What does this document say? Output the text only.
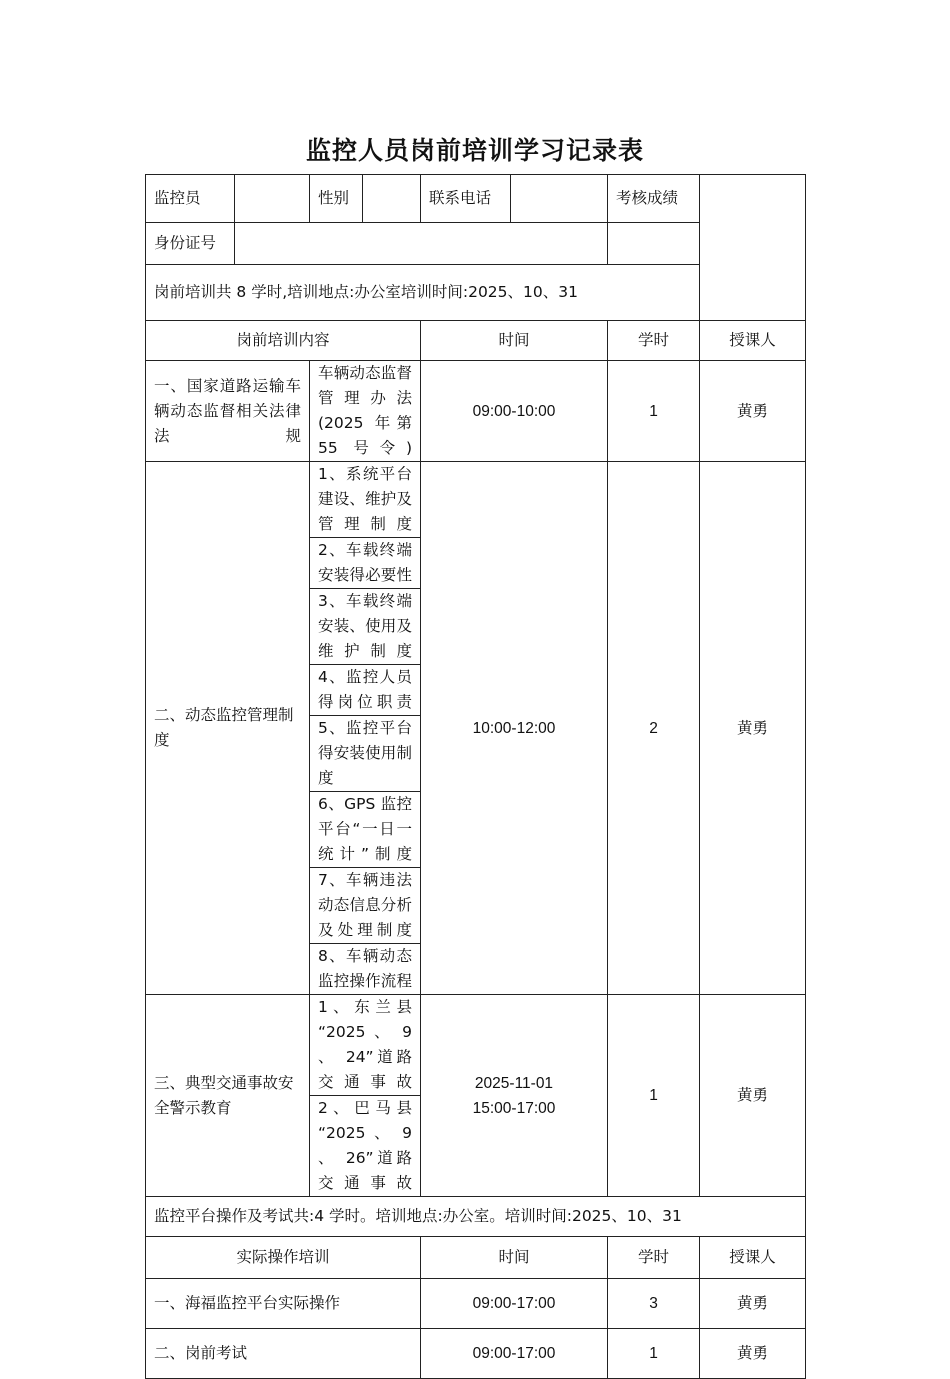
监控人员岗前培训学习记录表
监控员		性别		联系电话		考核成绩	
身份证号							
岗前培训共 8 学时,培训地点:办公室培训时间:2025、10、31							
岗前培训内容				时间		学时	授课人
一、国家道路运输车辆动态监督相关法律法规		车辆动态监督管理办法(2025 年第 55 号令)		09:00-10:00		1	黄勇
二、动态监控管理制度		1、系统平台建设、维护及管理制度		10:00-12:00		2	黄勇
		2、车载终端安装得必要性					
		3、车载终端安装、使用及维护制度					
		4、监控人员得岗位职责					
		5、监控平台得安装使用制度					
		6、GPS 监控平台“一日一统计”制度					
		7、车辆违法动态信息分析及处理制度					
		8、车辆动态监控操作流程					
三、典型交通事故安全警示教育		1 、 东 兰 县 “2025 、 9 、 24”道路交通事故		2025-11-01
15:00-17:00		1	黄勇
		2 、 巴 马 县 “2025 、 9 、 26”道路交通事故					
监控平台操作及考试共:4 学时。培训地点:办公室。培训时间:2025、10、31							
实际操作培训				时间		学时	授课人
一、海福监控平台实际操作				09:00-17:00		3	黄勇
二、岗前考试				09:00-17:00		1	黄勇
